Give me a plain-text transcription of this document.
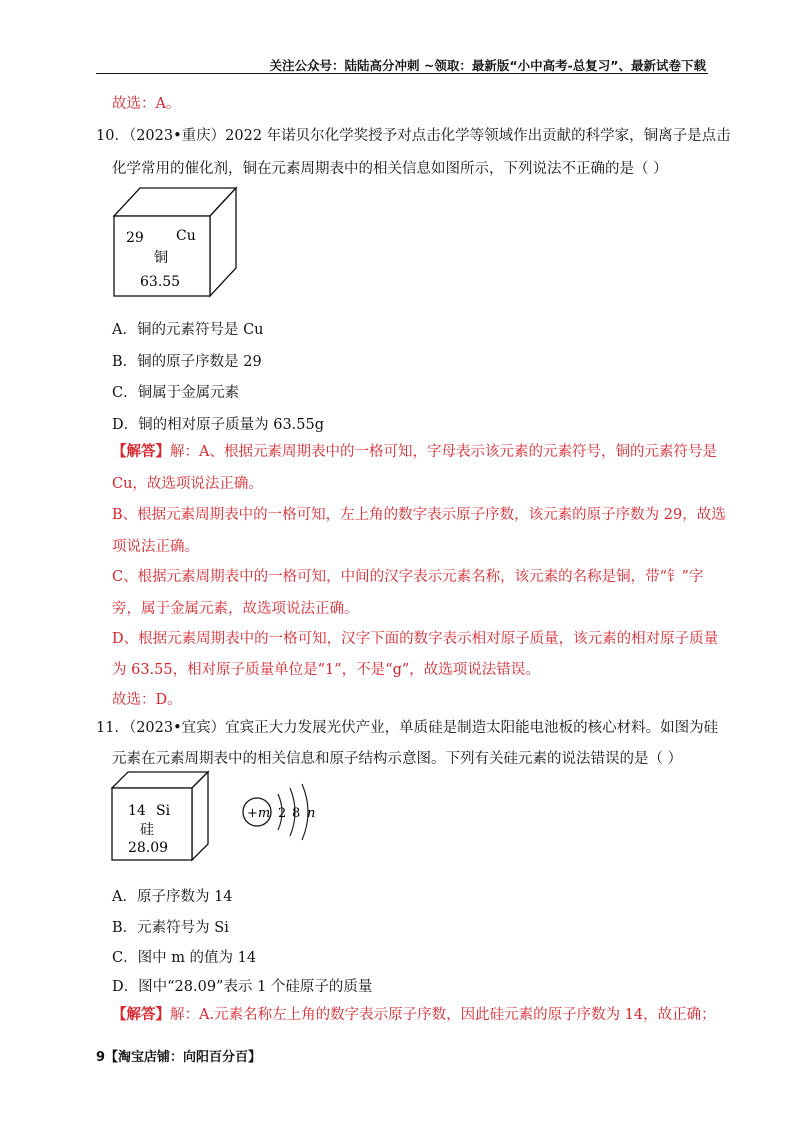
关注公众号：陆陆高分冲刺 ~领取：最新版“小中高考-总复习”、最新试卷下载
故选：A。
10．（2023•重庆）2022 年诺贝尔化学奖授予对点击化学等领域作出贡献的科学家，铜离子是点击
化学常用的催化剂，铜在元素周期表中的相关信息如图所示，下列说法不正确的是（ ）
29 Cu
铜
63.55
A．铜的元素符号是 Cu
B．铜的原子序数是 29
C．铜属于金属元素
D．铜的相对原子质量为 63.55g
【解答】解：A、根据元素周期表中的一格可知，字母表示该元素的元素符号，铜的元素符号是
Cu，故选项说法正确。
B、根据元素周期表中的一格可知，左上角的数字表示原子序数，该元素的原子序数为 29，故选
项说法正确。
C、根据元素周期表中的一格可知，中间的汉字表示元素名称，该元素的名称是铜，带“钅”字
旁，属于金属元素，故选项说法正确。
D、根据元素周期表中的一格可知，汉字下面的数字表示相对原子质量，该元素的相对原子质量
为 63.55，相对原子质量单位是“1”，不是“g”，故选项说法错误。
故选：D。
11．（2023•宜宾）宜宾正大力发展光伏产业，单质硅是制造太阳能电池板的核心材料。如图为硅
元素在元素周期表中的相关信息和原子结构示意图。下列有关硅元素的说法错误的是（ ）
14 Si
硅
28.09
+m 2 8 n
A．原子序数为 14
B．元素符号为 Si
C．图中 m 的值为 14
D．图中“28.09”表示 1 个硅原子的质量
【解答】解：A.元素名称左上角的数字表示原子序数，因此硅元素的原子序数为 14，故正确；
9【淘宝店铺：向阳百分百】
